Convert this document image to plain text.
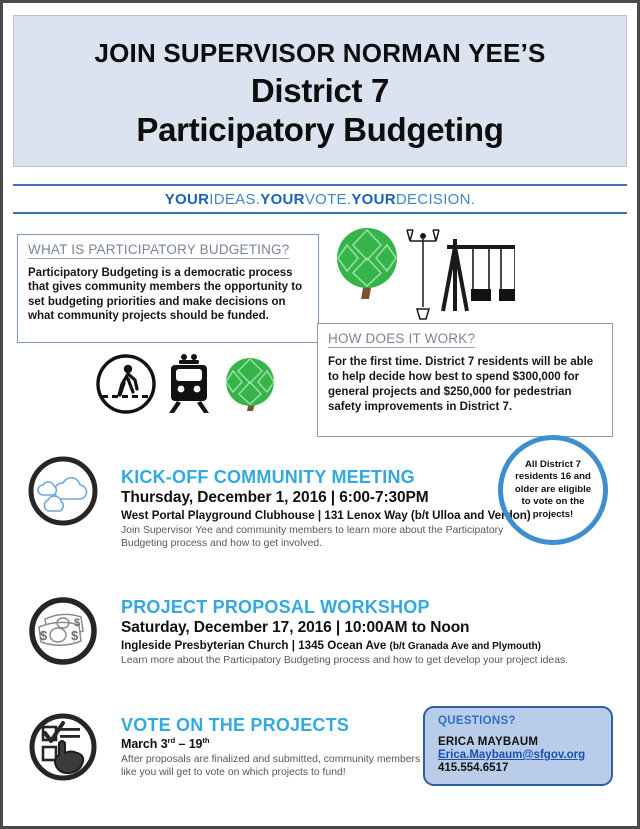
JOIN SUPERVISOR NORMAN YEE’S
District 7
Participatory Budgeting
YOUR IDEAS. YOUR VOTE. YOUR DECISION.
WHAT IS PARTICIPATORY BUDGETING?
Participatory Budgeting is a democratic process that gives community members the opportunity to set budgeting priorities and make decisions on what community projects should be funded.
HOW DOES IT WORK?
For the first time. District 7 residents will be able to help decide how best to spend $300,000 for general projects and $250,000 for pedestrian safety improvements in District 7.
All District 7 residents 16 and older are eligible to vote on the projects!
KICK-OFF COMMUNITY MEETING
Thursday, December 1, 2016 | 6:00-7:30PM
West Portal Playground Clubhouse | 131 Lenox Way (b/t Ulloa and Verdon)
Join Supervisor Yee and community members to learn more about the Participatory Budgeting process and how to get involved.
$ $
$
PROJECT PROPOSAL WORKSHOP
Saturday, December 17, 2016 | 10:00AM to Noon
Ingleside Presbyterian Church | 1345 Ocean Ave (b/t Granada Ave and Plymouth)
Learn more about the Participatory Budgeting process and how to get develop your project ideas.
VOTE ON THE PROJECTS
March 3rd – 19th
After proposals are finalized and submitted, community members like you will get to vote on which projects to fund!
QUESTIONS?
ERICA MAYBAUM
Erica.Maybaum@sfgov.org
415.554.6517
